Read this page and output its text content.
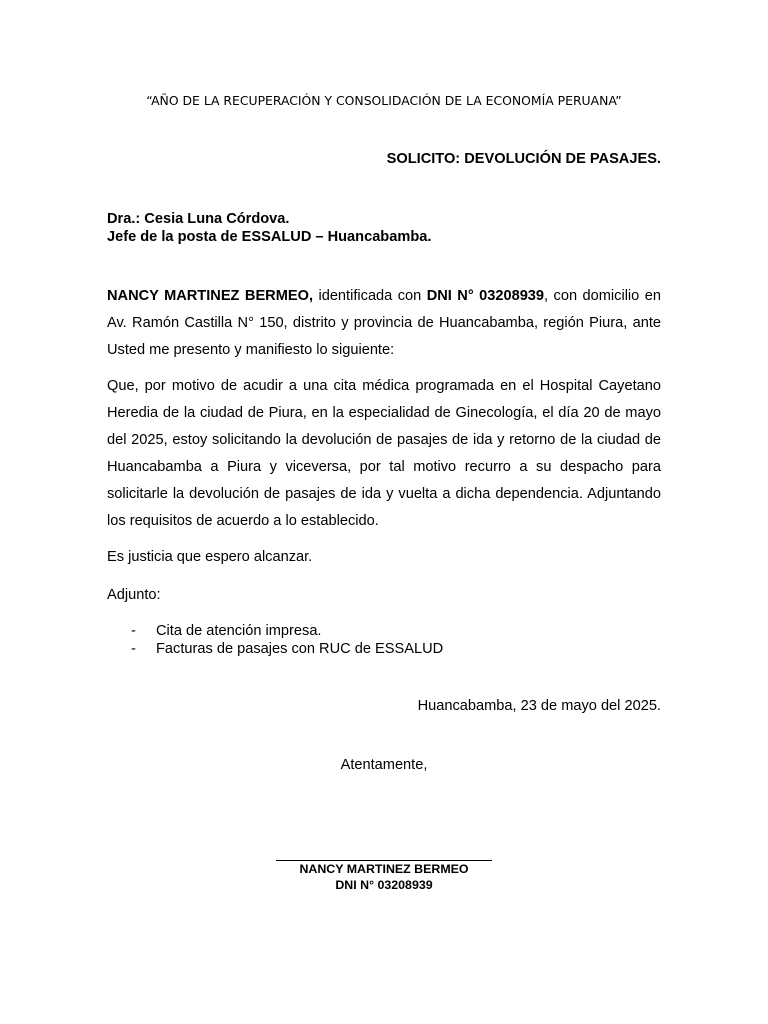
“AÑO DE LA RECUPERACIÓN Y CONSOLIDACIÓN DE LA ECONOMÍA PERUANA”
SOLICITO: DEVOLUCIÓN DE PASAJES.
Dra.: Cesia Luna Córdova.
Jefe de la posta de ESSALUD – Huancabamba.

NANCY MARTINEZ BERMEO, identificada con DNI N° 03208939, con domicilio en Av. Ramón Castilla N° 150, distrito y provincia de Huancabamba, región Piura, ante Usted me presento y manifiesto lo siguiente:

Que, por motivo de acudir a una cita médica programada en el Hospital Cayetano Heredia de la ciudad de Piura, en la especialidad de Ginecología, el día 20 de mayo del 2025, estoy solicitando la devolución de pasajes de ida y retorno de la ciudad de Huancabamba a Piura y viceversa, por tal motivo recurro a su despacho para solicitarle la devolución de pasajes de ida y vuelta a dicha dependencia. Adjuntando los requisitos de acuerdo a lo establecido.

Es justicia que espero alcanzar.

Adjunto:

- Cita de atención impresa.
- Facturas de pasajes con RUC de ESSALUD
Huancabamba, 23 de mayo del 2025.
Atentamente,
NANCY MARTINEZ BERMEO
DNI N° 03208939
